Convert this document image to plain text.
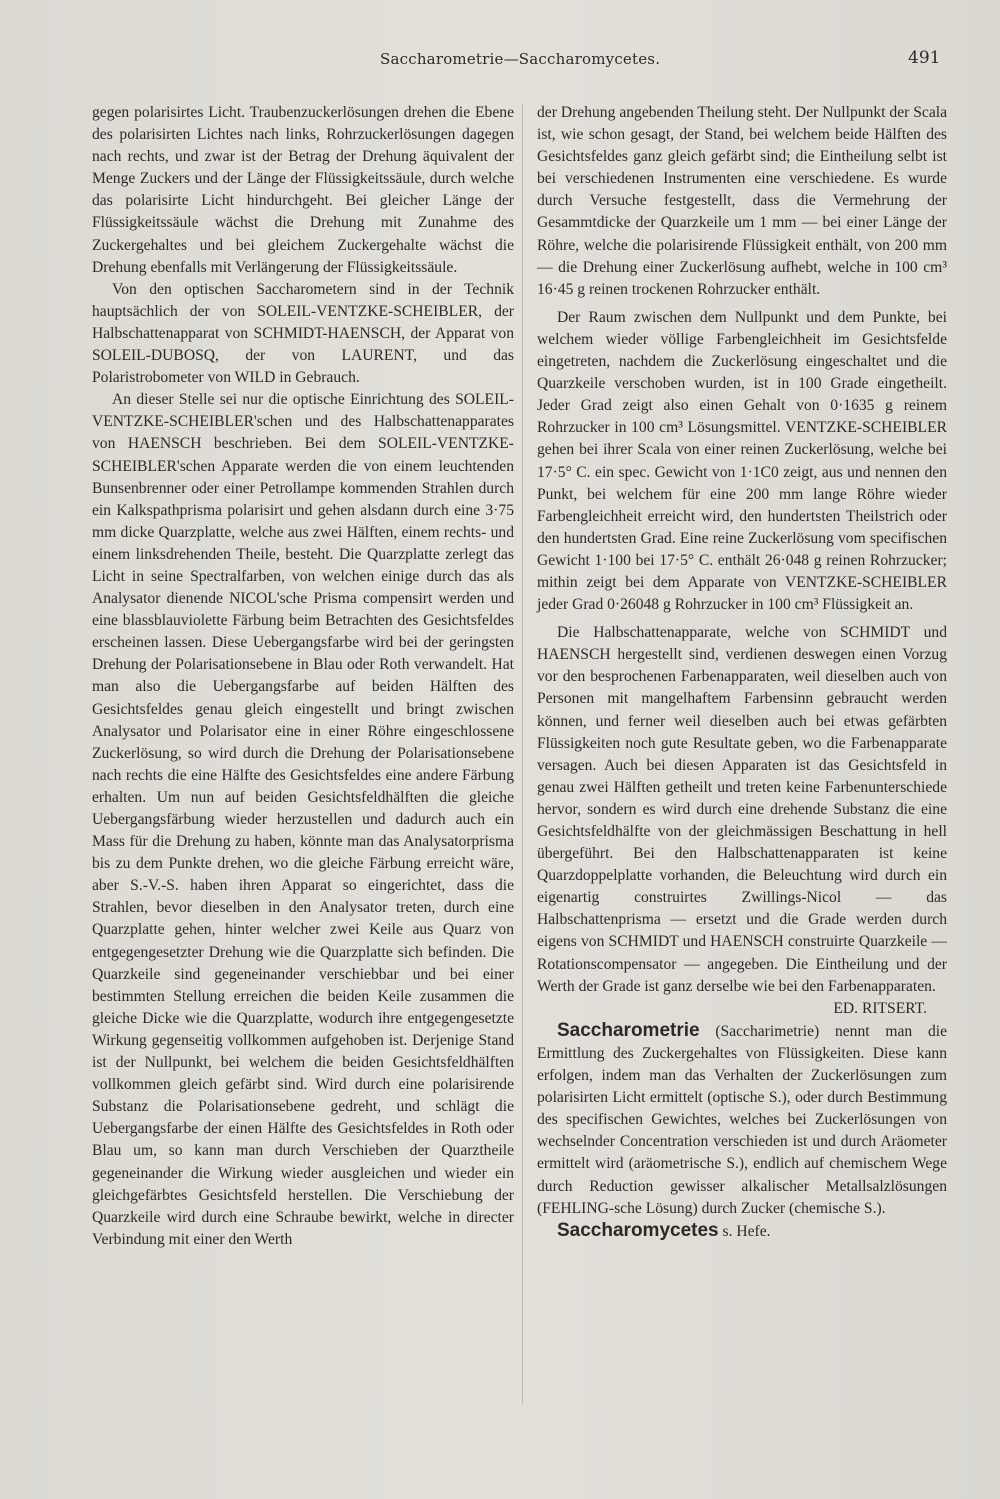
Saccharometrie—Saccharomycetes.	491

gegen polarisirtes Licht. Traubenzuckerlösungen drehen die Ebene des polarisirten Lichtes nach links, Rohrzuckerlösungen dagegen nach rechts, und zwar ist der Betrag der Drehung äquivalent der Menge Zuckers und der Länge der Flüssigkeitssäule, durch welche das polarisirte Licht hindurchgeht. Bei gleicher Länge der Flüssigkeitssäule wächst die Drehung mit Zunahme des Zuckergehaltes und bei gleichem Zuckergehalte wächst die Drehung ebenfalls mit Verlängerung der Flüssigkeitssäule.

Von den optischen Saccharometern sind in der Technik hauptsächlich der von SOLEIL-VENTZKE-SCHEIBLER, der Halbschattenapparat von SCHMIDT-HAENSCH, der Apparat von SOLEIL-DUBOSQ, der von LAURENT, und das Polaristrobometer von WILD in Gebrauch.

An dieser Stelle sei nur die optische Einrichtung des SOLEIL-VENTZKE-SCHEIBLER'schen und des Halbschattenapparates von HAENSCH beschrieben. Bei dem SOLEIL-VENTZKE-SCHEIBLER'schen Apparate werden die von einem leuchtenden Bunsenbrenner oder einer Petrollampe kommenden Strahlen durch ein Kalkspathprisma polarisirt und gehen alsdann durch eine 3·75 mm dicke Quarzplatte, welche aus zwei Hälften, einem rechts- und einem linksdrehenden Theile, besteht. Die Quarzplatte zerlegt das Licht in seine Spectralfarben, von welchen einige durch das als Analysator dienende NICOL'sche Prisma compensirt werden und eine blassblauviolette Färbung beim Betrachten des Gesichtsfeldes erscheinen lassen. Diese Uebergangsfarbe wird bei der geringsten Drehung der Polarisationsebene in Blau oder Roth verwandelt. Hat man also die Uebergangsfarbe auf beiden Hälften des Gesichtsfeldes genau gleich eingestellt und bringt zwischen Analysator und Polarisator eine in einer Röhre eingeschlossene Zuckerlösung, so wird durch die Drehung der Polarisationsebene nach rechts die eine Hälfte des Gesichtsfeldes eine andere Färbung erhalten. Um nun auf beiden Gesichtsfeldhälften die gleiche Uebergangsfärbung wieder herzustellen und dadurch auch ein Mass für die Drehung zu haben, könnte man das Analysatorprisma bis zu dem Punkte drehen, wo die gleiche Färbung erreicht wäre, aber S.-V.-S. haben ihren Apparat so eingerichtet, dass die Strahlen, bevor dieselben in den Analysator treten, durch eine Quarzplatte gehen, hinter welcher zwei Keile aus Quarz von entgegengesetzter Drehung wie die Quarzplatte sich befinden. Die Quarzkeile sind gegeneinander verschiebbar und bei einer bestimmten Stellung erreichen die beiden Keile zusammen die gleiche Dicke wie die Quarzplatte, wodurch ihre entgegengesetzte Wirkung gegenseitig vollkommen aufgehoben ist. Derjenige Stand ist der Nullpunkt, bei welchem die beiden Gesichtsfeldhälften vollkommen gleich gefärbt sind. Wird durch eine polarisirende Substanz die Polarisationsebene gedreht, und schlägt die Uebergangsfarbe der einen Hälfte des Gesichtsfeldes in Roth oder Blau um, so kann man durch Verschieben der Quarztheile gegeneinander die Wirkung wieder ausgleichen und wieder ein gleichgefärbtes Gesichtsfeld herstellen. Die Verschiebung der Quarzkeile wird durch eine Schraube bewirkt, welche in directer Verbindung mit einer den Werth

der Drehung angebenden Theilung steht. Der Nullpunkt der Scala ist, wie schon gesagt, der Stand, bei welchem beide Hälften des Gesichtsfeldes ganz gleich gefärbt sind; die Eintheilung selbt ist bei verschiedenen Instrumenten eine verschiedene. Es wurde durch Versuche festgestellt, dass die Vermehrung der Gesammtdicke der Quarzkeile um 1 mm — bei einer Länge der Röhre, welche die polarisirende Flüssigkeit enthält, von 200 mm — die Drehung einer Zuckerlösung aufhebt, welche in 100 cm³ 16·45 g reinen trockenen Rohrzucker enthält.

Der Raum zwischen dem Nullpunkt und dem Punkte, bei welchem wieder völlige Farbengleichheit im Gesichtsfelde eingetreten, nachdem die Zuckerlösung eingeschaltet und die Quarzkeile verschoben wurden, ist in 100 Grade eingetheilt. Jeder Grad zeigt also einen Gehalt von 0·1635 g reinem Rohrzucker in 100 cm³ Lösungsmittel. VENTZKE-SCHEIBLER gehen bei ihrer Scala von einer reinen Zuckerlösung, welche bei 17·5° C. ein spec. Gewicht von 1·1C0 zeigt, aus und nennen den Punkt, bei welchem für eine 200 mm lange Röhre wieder Farbengleichheit erreicht wird, den hundertsten Theilstrich oder den hundertsten Grad. Eine reine Zuckerlösung vom specifischen Gewicht 1·100 bei 17·5° C. enthält 26·048 g reinen Rohrzucker; mithin zeigt bei dem Apparate von VENTZKE-SCHEIBLER jeder Grad 0·26048 g Rohrzucker in 100 cm³ Flüssigkeit an.

Die Halbschattenapparate, welche von SCHMIDT und HAENSCH hergestellt sind, verdienen deswegen einen Vorzug vor den besprochenen Farbenapparaten, weil dieselben auch von Personen mit mangelhaftem Farbensinn gebraucht werden können, und ferner weil dieselben auch bei etwas gefärbten Flüssigkeiten noch gute Resultate geben, wo die Farbenapparate versagen. Auch bei diesen Apparaten ist das Gesichtsfeld in genau zwei Hälften getheilt und treten keine Farbenunterschiede hervor, sondern es wird durch eine drehende Substanz die eine Gesichtsfeldhälfte von der gleichmässigen Beschattung in hell übergeführt. Bei den Halbschattenapparaten ist keine Quarzdoppelplatte vorhanden, die Beleuchtung wird durch ein eigenartig construirtes Zwillings-Nicol — das Halbschattenprisma — ersetzt und die Grade werden durch eigens von SCHMIDT und HAENSCH construirte Quarzkeile — Rotationscompensator — angegeben. Die Eintheilung und der Werth der Grade ist ganz derselbe wie bei den Farbenapparaten.

ED. RITSERT.

Saccharometrie (Saccharimetrie) nennt man die Ermittlung des Zuckergehaltes von Flüssigkeiten. Diese kann erfolgen, indem man das Verhalten der Zuckerlösungen zum polarisirten Licht ermittelt (optische S.), oder durch Bestimmung des specifischen Gewichtes, welches bei Zuckerlösungen von wechselnder Concentration verschieden ist und durch Aräometer ermittelt wird (aräometrische S.), endlich auf chemischem Wege durch Reduction gewisser alkalischer Metallsalzlösungen (FEHLING-sche Lösung) durch Zucker (chemische S.).

Saccharomycetes s. Hefe.
